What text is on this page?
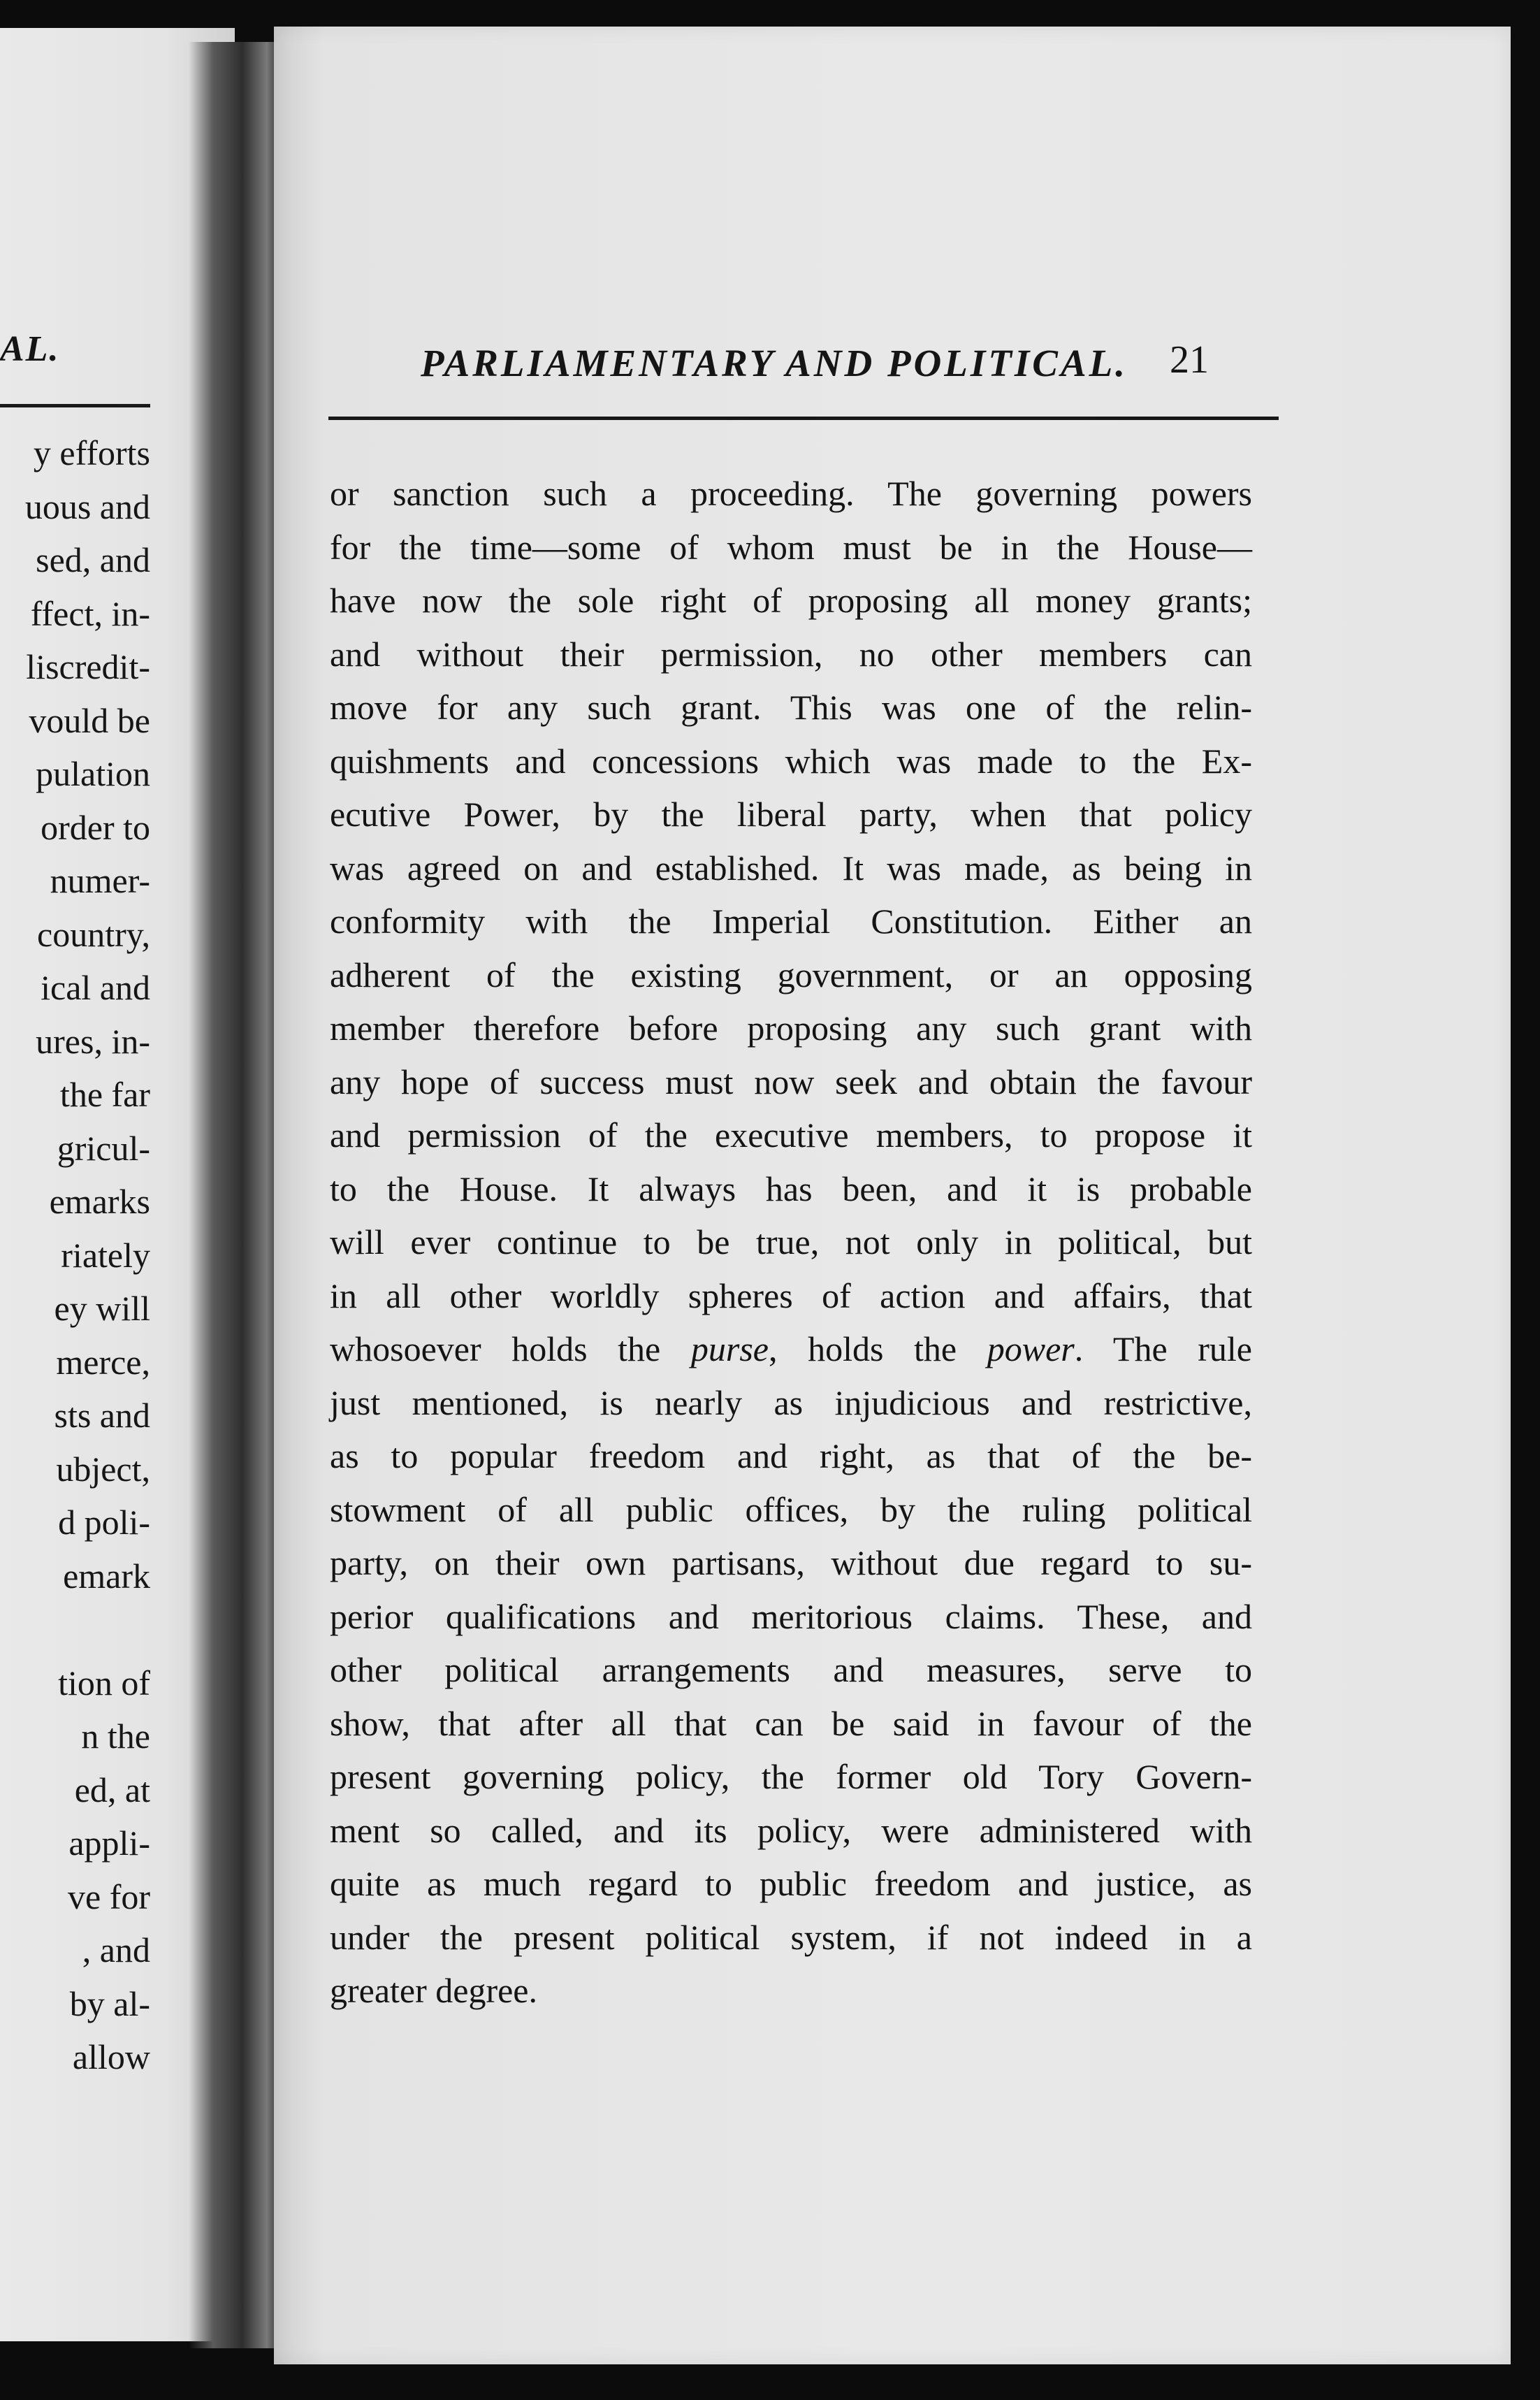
AL.
y efforts
uous and
sed, and
ffect, in-
liscredit-
vould be
pulation
order to
numer-
country,
ical and
ures, in-
the far
gricul-
emarks
riately
ey will
merce,
sts and
ubject,
d poli-
emark
tion of
n the
ed, at
appli-
ve for
, and
by al-
allow
PARLIAMENTARY AND POLITICAL.	21
or sanction such a proceeding. The governing powers
for the time—some of whom must be in the House—
have now the sole right of proposing all money grants;
and without their permission, no other members can
move for any such grant. This was one of the relin-
quishments and concessions which was made to the Ex-
ecutive Power, by the liberal party, when that policy
was agreed on and established. It was made, as being in
conformity with the Imperial Constitution. Either an
adherent of the existing government, or an opposing
member therefore before proposing any such grant with
any hope of success must now seek and obtain the favour
and permission of the executive members, to propose it
to the House. It always has been, and it is probable
will ever continue to be true, not only in political, but
in all other worldly spheres of action and affairs, that
whosoever holds the purse, holds the power. The rule
just mentioned, is nearly as injudicious and restrictive,
as to popular freedom and right, as that of the be-
stowment of all public offices, by the ruling political
party, on their own partisans, without due regard to su-
perior qualifications and meritorious claims. These, and
other political arrangements and measures, serve to
show, that after all that can be said in favour of the
present governing policy, the former old Tory Govern-
ment so called, and its policy, were administered with
quite as much regard to public freedom and justice, as
under the present political system, if not indeed in a
greater degree.
